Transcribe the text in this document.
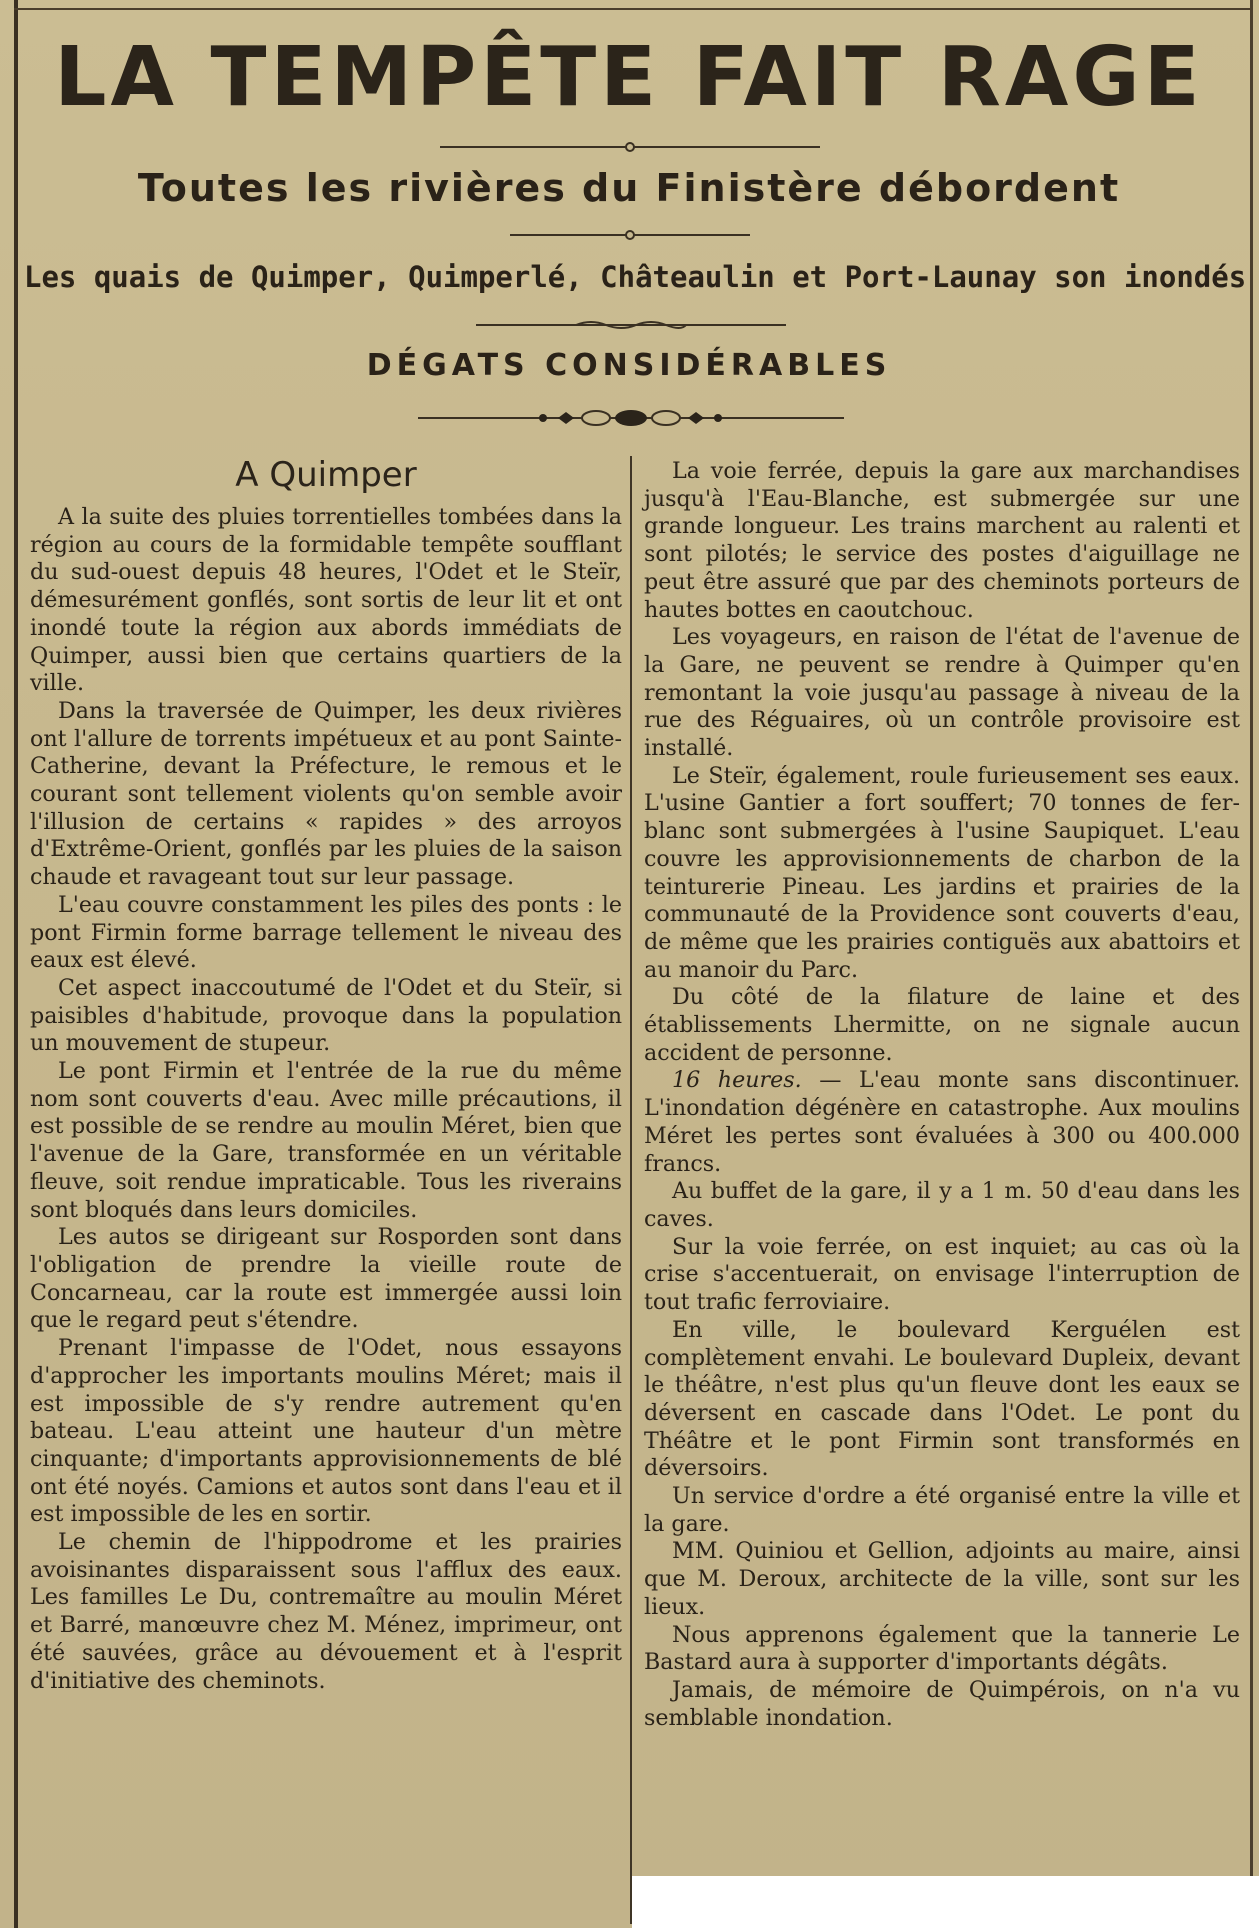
LA TEMPÊTE FAIT RAGE
Toutes les rivières du Finistère débordent
Les quais de Quimper, Quimperlé, Châteaulin et Port-Launay son inondés
DÉGATS CONSIDÉRABLES
A Quimper

A la suite des pluies torrentielles tombées dans la région au cours de la formidable tempête soufflant du sud-ouest depuis 48 heures, l'Odet et le Steïr, démesurément gonflés, sont sortis de leur lit et ont inondé toute la région aux abords immédiats de Quimper, aussi bien que certains quartiers de la ville.

Dans la traversée de Quimper, les deux rivières ont l'allure de torrents impétueux et au pont Sainte-Catherine, devant la Préfecture, le remous et le courant sont tellement violents qu'on semble avoir l'illusion de certains « rapides » des arroyos d'Extrême-Orient, gonflés par les pluies de la saison chaude et ravageant tout sur leur passage.

L'eau couvre constamment les piles des ponts : le pont Firmin forme barrage tellement le niveau des eaux est élevé.

Cet aspect inaccoutumé de l'Odet et du Steïr, si paisibles d'habitude, provoque dans la population un mouvement de stupeur.

Le pont Firmin et l'entrée de la rue du même nom sont couverts d'eau. Avec mille précautions, il est possible de se rendre au moulin Méret, bien que l'avenue de la Gare, transformée en un véritable fleuve, soit rendue impraticable. Tous les riverains sont bloqués dans leurs domiciles.

Les autos se dirigeant sur Rosporden sont dans l'obligation de prendre la vieille route de Concarneau, car la route est immergée aussi loin que le regard peut s'étendre.

Prenant l'impasse de l'Odet, nous essayons d'approcher les importants moulins Méret; mais il est impossible de s'y rendre autrement qu'en bateau. L'eau atteint une hauteur d'un mètre cinquante; d'importants approvisionnements de blé ont été noyés. Camions et autos sont dans l'eau et il est impossible de les en sortir.

Le chemin de l'hippodrome et les prairies avoisinantes disparaissent sous l'afflux des eaux. Les familles Le Du, contremaître au moulin Méret et Barré, manœuvre chez M. Ménez, imprimeur, ont été sauvées, grâce au dévouement et à l'esprit d'initiative des cheminots.

La voie ferrée, depuis la gare aux marchandises jusqu'à l'Eau-Blanche, est submergée sur une grande longueur. Les trains marchent au ralenti et sont pilotés; le service des postes d'aiguillage ne peut être assuré que par des cheminots porteurs de hautes bottes en caoutchouc.

Les voyageurs, en raison de l'état de l'avenue de la Gare, ne peuvent se rendre à Quimper qu'en remontant la voie jusqu'au passage à niveau de la rue des Réguaires, où un contrôle provisoire est installé.

Le Steïr, également, roule furieusement ses eaux. L'usine Gantier a fort souffert; 70 tonnes de fer-blanc sont submergées à l'usine Saupiquet. L'eau couvre les approvisionnements de charbon de la teinturerie Pineau. Les jardins et prairies de la communauté de la Providence sont couverts d'eau, de même que les prairies contiguës aux abattoirs et au manoir du Parc.

Du côté de la filature de laine et des établissements Lhermitte, on ne signale aucun accident de personne.

16 heures. — L'eau monte sans discontinuer. L'inondation dégénère en catastrophe. Aux moulins Méret les pertes sont évaluées à 300 ou 400.000 francs.

Au buffet de la gare, il y a 1 m. 50 d'eau dans les caves.

Sur la voie ferrée, on est inquiet; au cas où la crise s'accentuerait, on envisage l'interruption de tout trafic ferroviaire.

En ville, le boulevard Kerguélen est complètement envahi. Le boulevard Dupleix, devant le théâtre, n'est plus qu'un fleuve dont les eaux se déversent en cascade dans l'Odet. Le pont du Théâtre et le pont Firmin sont transformés en déversoirs.

Un service d'ordre a été organisé entre la ville et la gare.

MM. Quiniou et Gellion, adjoints au maire, ainsi que M. Deroux, architecte de la ville, sont sur les lieux.

Nous apprenons également que la tannerie Le Bastard aura à supporter d'importants dégâts.

Jamais, de mémoire de Quimpérois, on n'a vu semblable inondation.
